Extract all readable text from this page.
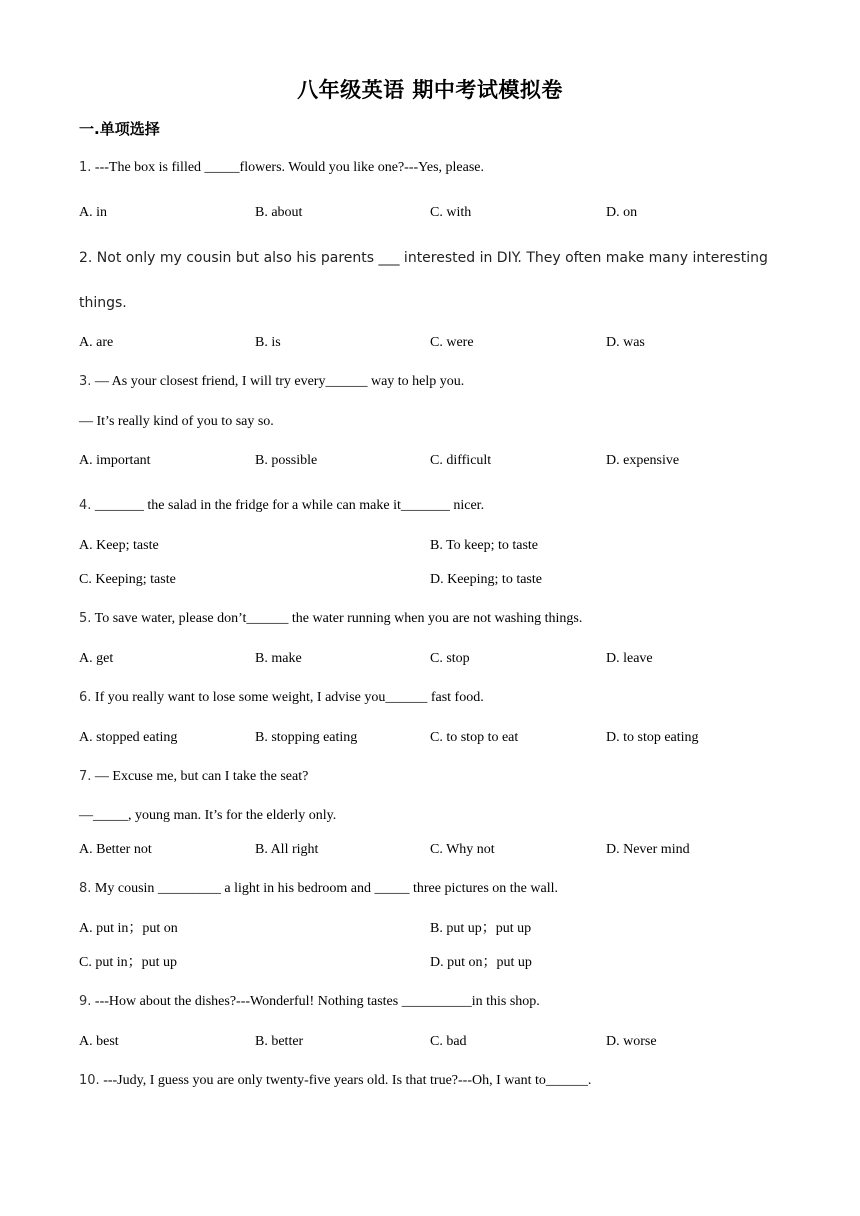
八年级英语 期中考试模拟卷
一.单项选择
1. ---The box is filled _____flowers. Would you like one?---Yes, please.
A. in	B. about	C. with	D. on
2. Not only my cousin but also his parents ___ interested in DIY. They often make many interesting
things.
A. are	B. is	C. were	D. was
3. — As your closest friend, I will try every______ way to help you.
— It’s really kind of you to say so.
A. important	B. possible	C. difficult	D. expensive
4. _______ the salad in the fridge for a while can make it_______ nicer.
A. Keep; taste	B. To keep; to taste
C. Keeping; taste	D. Keeping; to taste
5. To save water, please don’t______ the water running when you are not washing things.
A. get	B. make	C. stop	D. leave
6. If you really want to lose some weight, I advise you______ fast food.
A. stopped eating	B. stopping eating	C. to stop to eat	D. to stop eating
7. — Excuse me, but can I take the seat?
—_____, young man. It’s for the elderly only.
A. Better not	B. All right	C. Why not	D. Never mind
8. My cousin _________ a light in his bedroom and _____ three pictures on the wall.
A. put in；put on	B. put up；put up
C. put in；put up	D. put on；put up
9. ---How about the dishes?---Wonderful! Nothing tastes __________in this shop.
A. best	B. better	C. bad	D. worse
10. ---Judy, I guess you are only twenty-five years old. Is that true?---Oh, I want to______.
